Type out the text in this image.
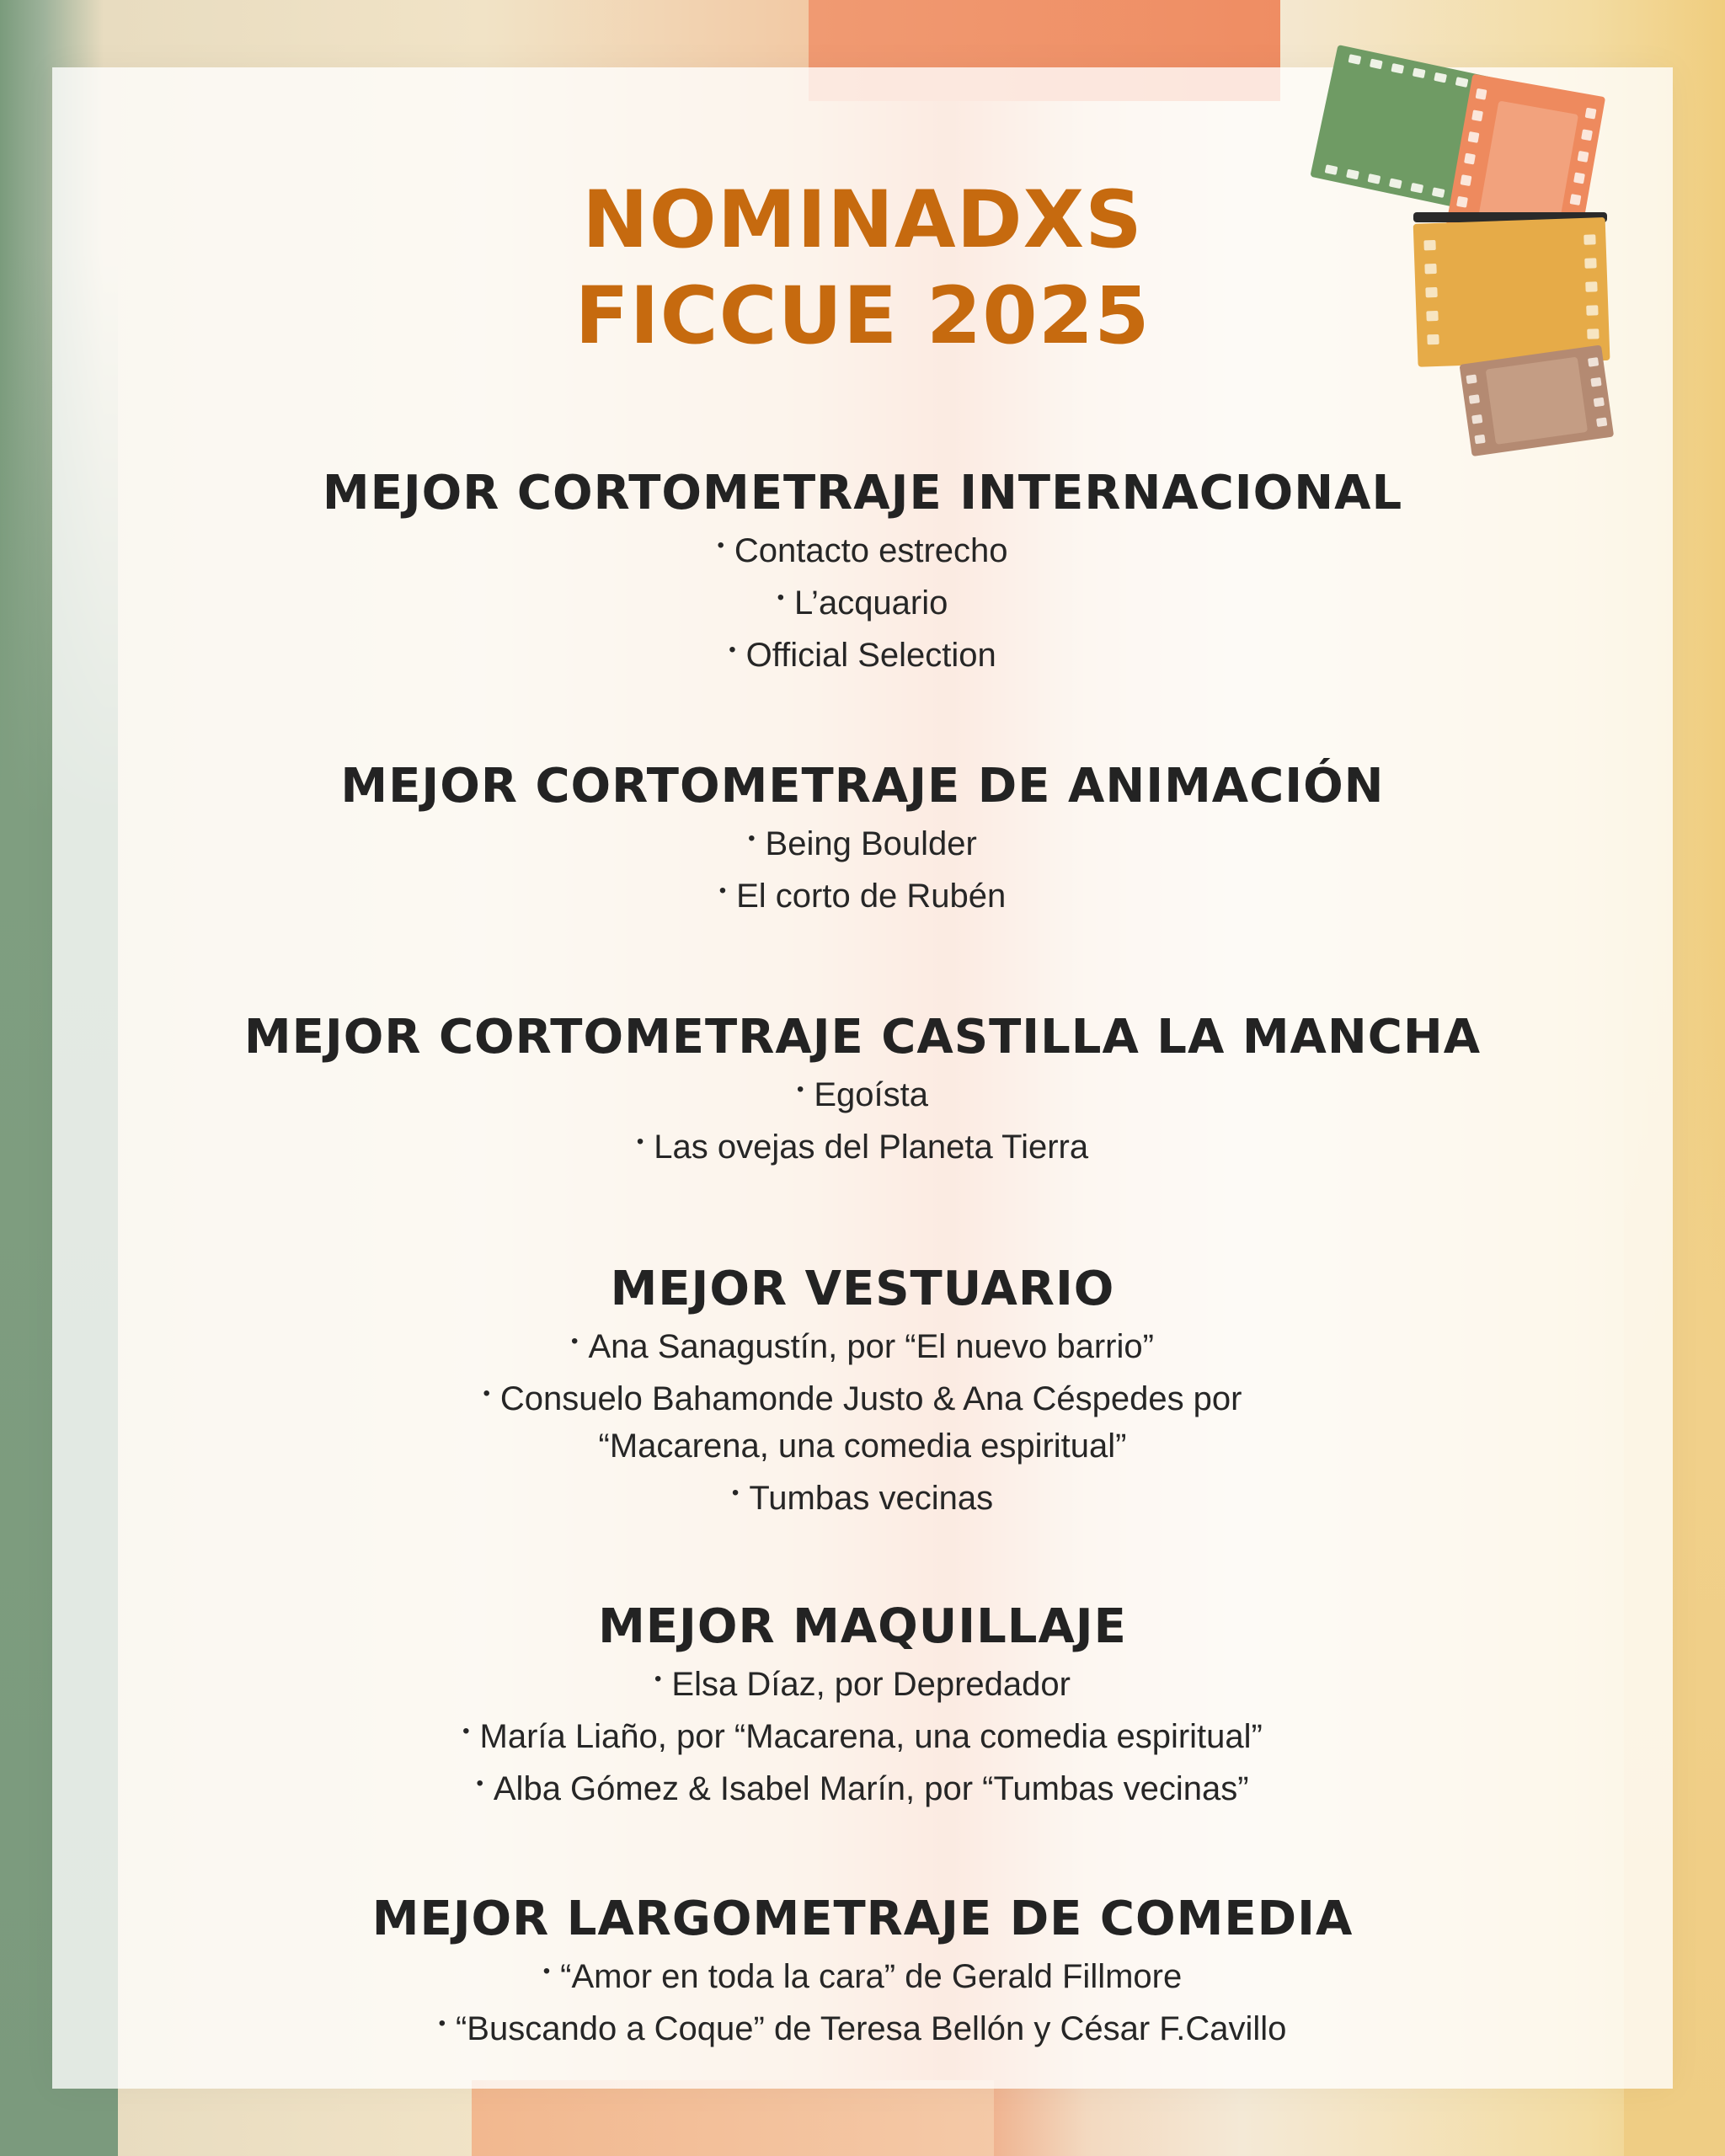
NOMINADXS
FICCUE 2025
MEJOR CORTOMETRAJE INTERNACIONAL
• Contacto estrecho
• L’acquario
• Official Selection
MEJOR CORTOMETRAJE DE ANIMACIÓN
• Being Boulder
• El corto de Rubén
MEJOR CORTOMETRAJE CASTILLA LA MANCHA
• Egoísta
• Las ovejas del Planeta Tierra
MEJOR VESTUARIO
• Ana Sanagustín, por “El nuevo barrio”
• Consuelo Bahamonde Justo & Ana Céspedes por
“Macarena, una comedia espiritual”
• Tumbas vecinas
MEJOR MAQUILLAJE
• Elsa Díaz, por Depredador
• María Liaño, por “Macarena, una comedia espiritual”
• Alba Gómez & Isabel Marín, por “Tumbas vecinas”
MEJOR LARGOMETRAJE DE COMEDIA
• “Amor en toda la cara” de Gerald Fillmore
• “Buscando a Coque” de Teresa Bellón y César F.Cavillo
